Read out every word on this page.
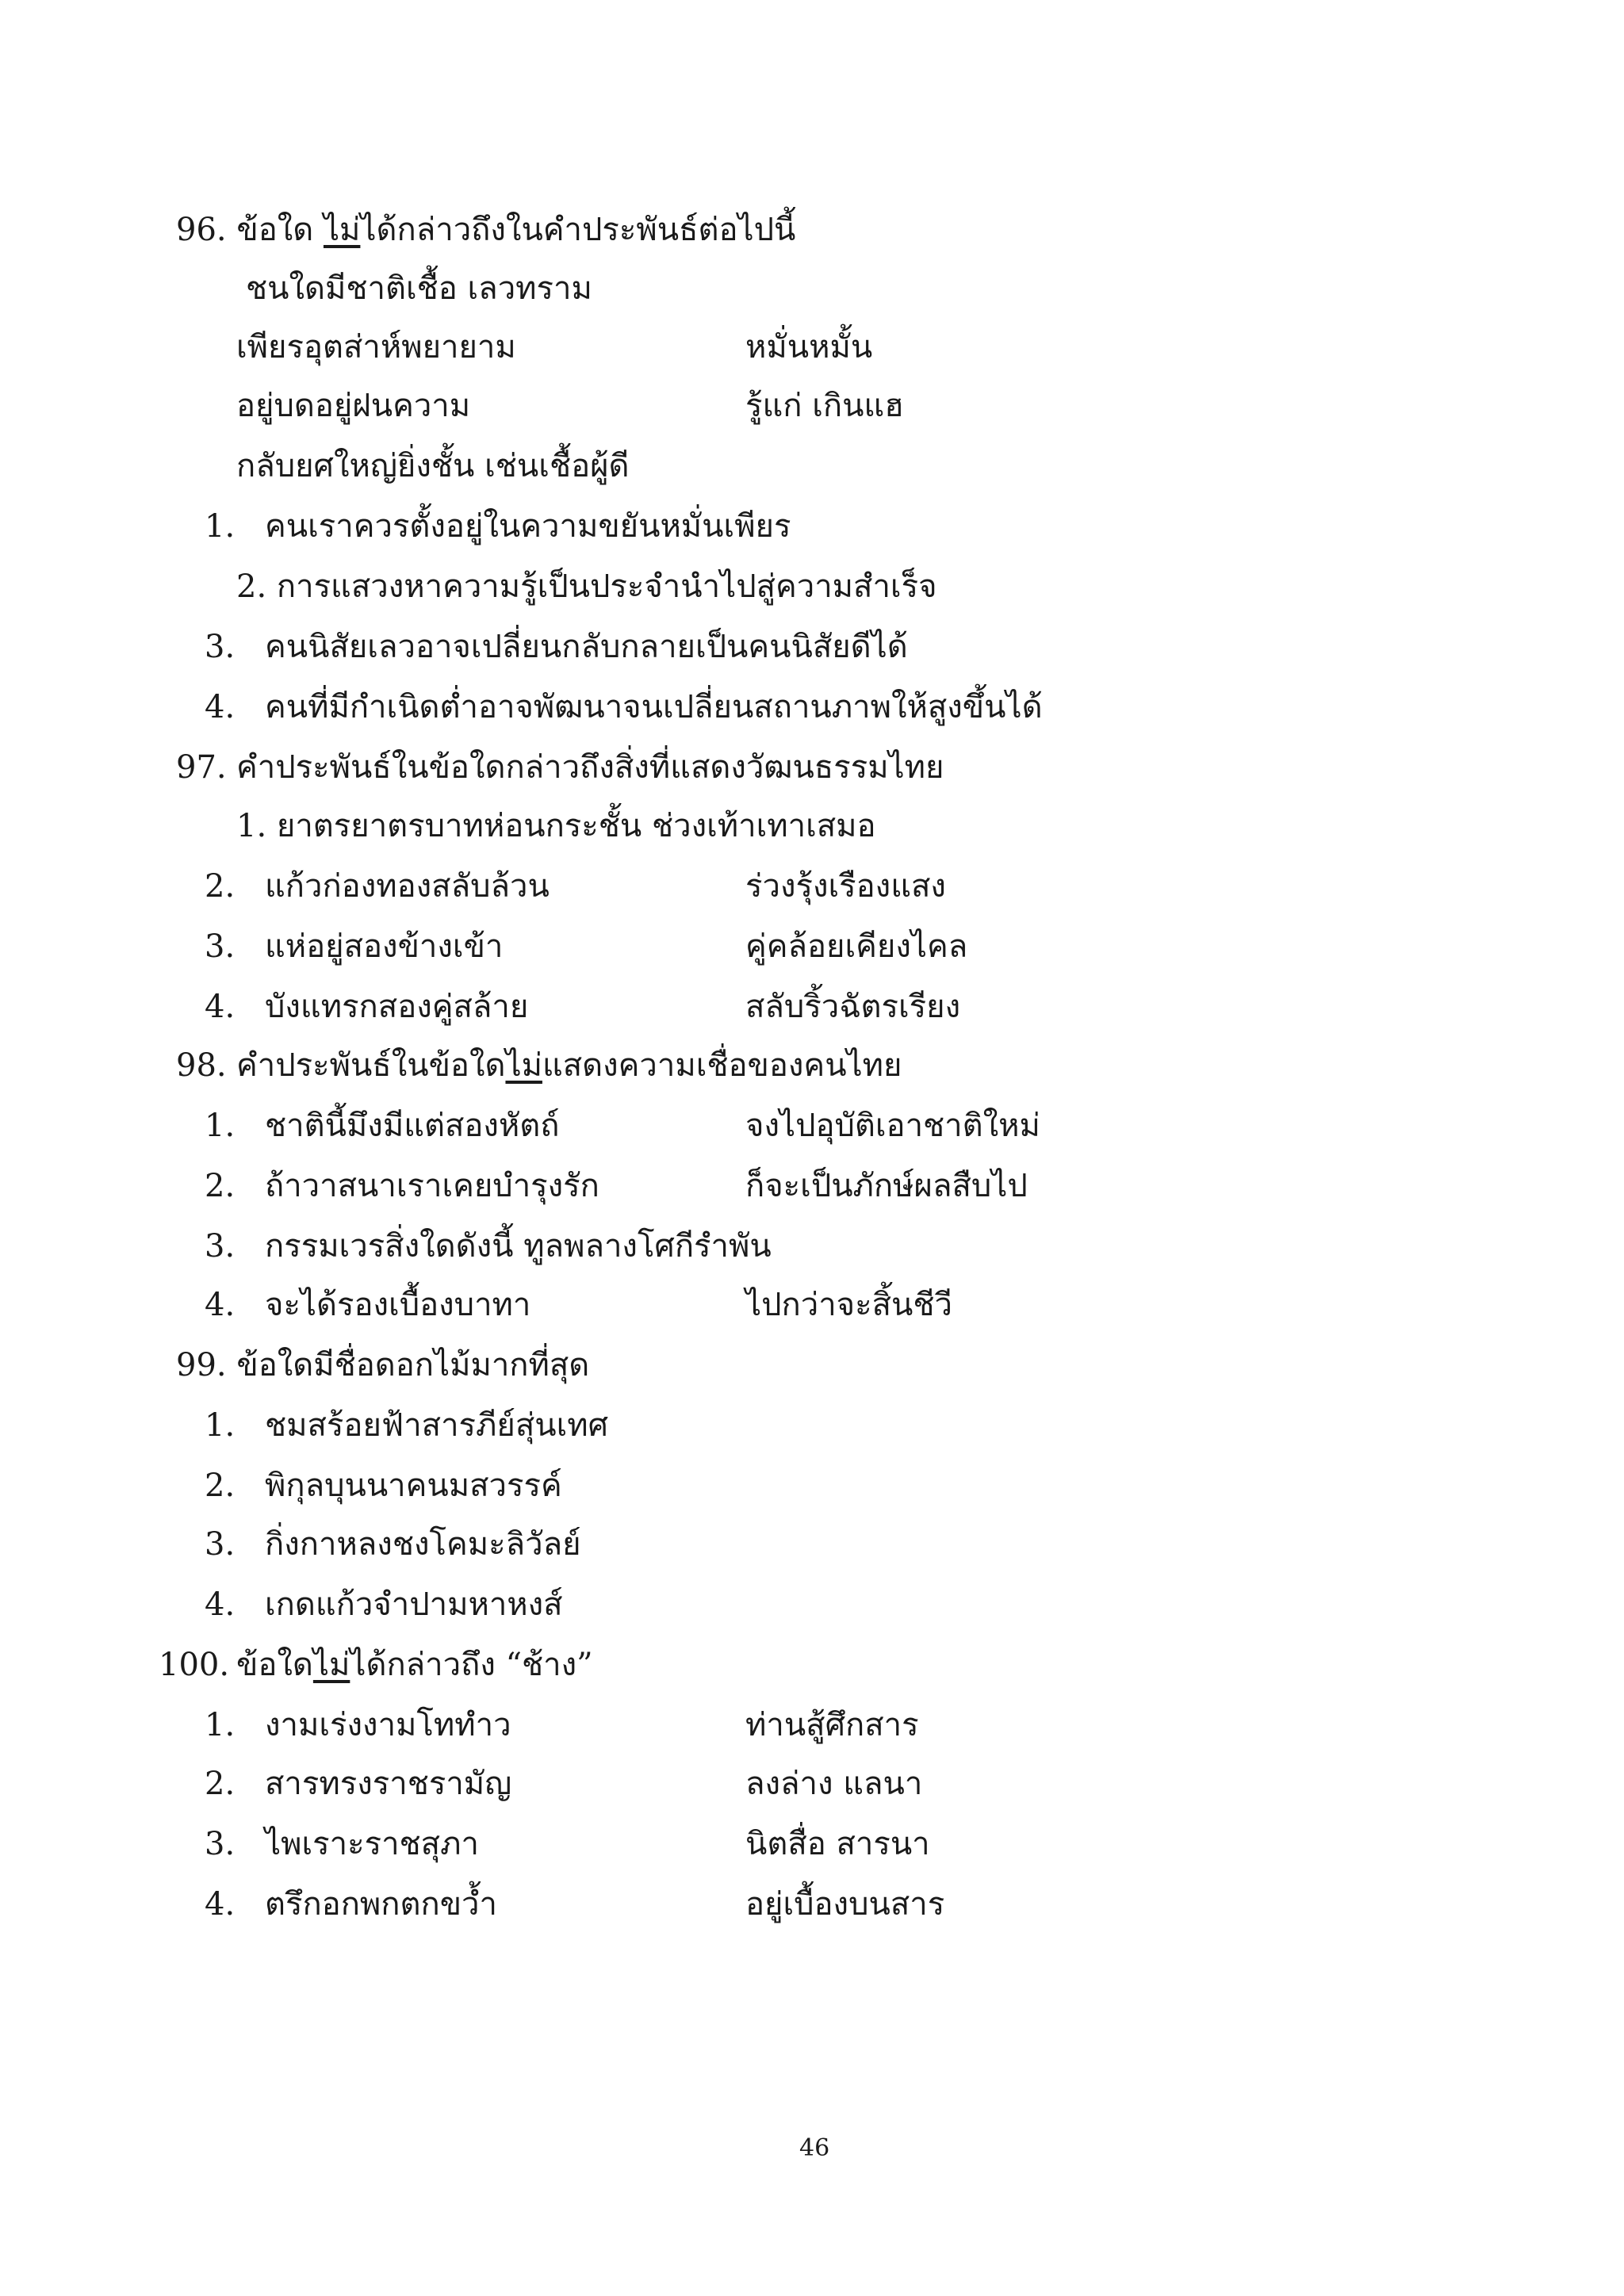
96. ข้อใด ไม่ได้กล่าวถึงในคำประพันธ์ต่อไปนี้
ชนใดมีชาติเชื้อ เลวทราม
เพียรอุตส่าห์พยายาม	หมั่นหมั้น
อยู่บดอยู่ฝนความ	รู้แก่ เกินแฮ
กลับยศใหญ่ยิ่งชั้น เช่นเชื้อผู้ดี
1. คนเราควรตั้งอยู่ในความขยันหมั่นเพียร
2. การแสวงหาความรู้เป็นประจำนำไปสู่ความสำเร็จ
3. คนนิสัยเลวอาจเปลี่ยนกลับกลายเป็นคนนิสัยดีได้
4. คนที่มีกำเนิดต่ำอาจพัฒนาจนเปลี่ยนสถานภาพให้สูงขึ้นได้
97. คำประพันธ์ในข้อใดกล่าวถึงสิ่งที่แสดงวัฒนธรรมไทย
1. ยาตรยาตรบาทห่อนกระชั้น ช่วงเท้าเทาเสมอ
2. แก้วก่องทองสลับล้วน	ร่วงรุ้งเรืองแสง
3. แห่อยู่สองข้างเข้า	คู่คล้อยเคียงไคล
4. บังแทรกสองคู่สล้าย	สลับริ้วฉัตรเรียง
98. คำประพันธ์ในข้อใดไม่แสดงความเชื่อของคนไทย
1. ชาตินี้มึงมีแต่สองหัตถ์	จงไปอุบัติเอาชาติใหม่
2. ถ้าวาสนาเราเคยบำรุงรัก	ก็จะเป็นภักษ์ผลสืบไป
3. กรรมเวรสิ่งใดดังนี้ ทูลพลางโศกีรำพัน
4. จะได้รองเบื้องบาทา	ไปกว่าจะสิ้นชีวี
99. ข้อใดมีชื่อดอกไม้มากที่สุด
1. ชมสร้อยฟ้าสารภีย์สุ่นเทศ
2. พิกุลบุนนาคนมสวรรค์
3. กิ่งกาหลงชงโคมะลิวัลย์
4. เกดแก้วจำปามหาหงส์
100. ข้อใดไม่ได้กล่าวถึง “ช้าง”
1. งามเร่งงามโททำว	ท่านสู้ศึกสาร
2. สารทรงราชรามัญ	ลงล่าง แลนา
3. ไพเราะราชสุภา	นิตสื่อ สารนา
4. ตรึกอกพกตกขว้ำ	อยู่เบื้องบนสาร
46
